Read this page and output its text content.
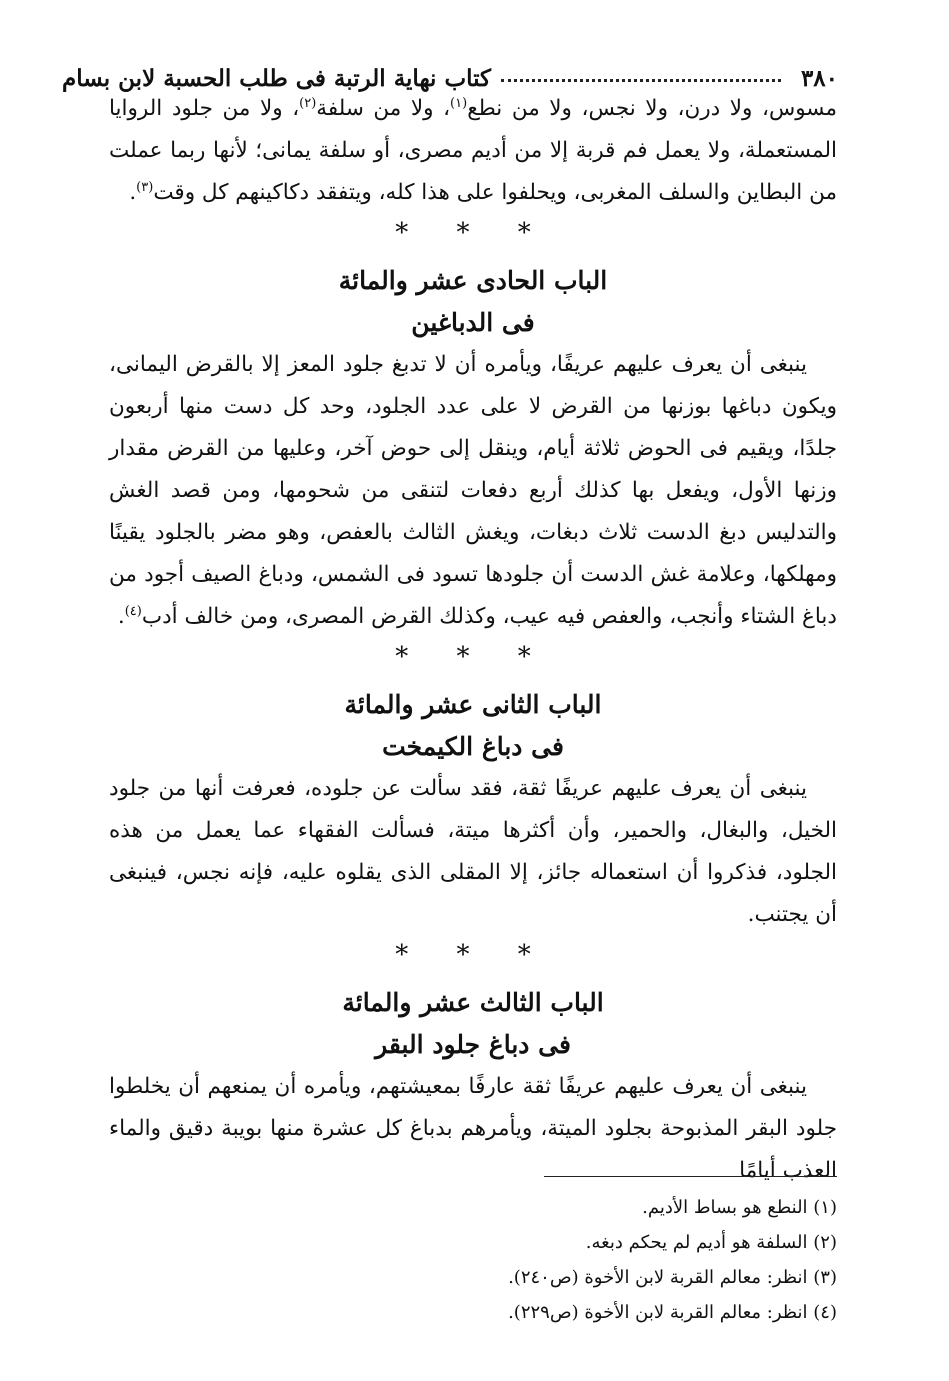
٣٨٠
كتاب نهاية الرتبة فى طلب الحسبة لابن بسام

مسوس، ولا درن، ولا نجس، ولا من نطع$^{(١)}$، ولا من سلفة$^{(٢)}$، ولا من جلود الروايا المستعملة، ولا يعمل فم قربة إلا من أديم مصرى، أو سلفة يمانى؛ لأنها ربما عملت من البطاين والسلف المغربى، ويحلفوا على هذا كله، ويتفقد دكاكينهم كل وقت$^{(٣)}$.

* * *
الباب الحادى عشر والمائة
فى الدباغين

ينبغى أن يعرف عليهم عريفًا، ويأمره أن لا تدبغ جلود المعز إلا بالقرض اليمانى، ويكون دباغها بوزنها من القرض لا على عدد الجلود، وحد كل دست منها أربعون جلدًا، ويقيم فى الحوض ثلاثة أيام، وينقل إلى حوض آخر، وعليها من القرض مقدار وزنها الأول، ويفعل بها كذلك أربع دفعات لتنقى من شحومها، ومن قصد الغش والتدليس دبغ الدست ثلاث دبغات، ويغش الثالث بالعفص، وهو مضر بالجلود يقينًا ومهلكها، وعلامة غش الدست أن جلودها تسود فى الشمس، ودباغ الصيف أجود من دباغ الشتاء وأنجب، والعفص فيه عيب، وكذلك القرض المصرى، ومن خالف أدب$^{(٤)}$.

* * *
الباب الثانى عشر والمائة
فى دباغ الكيمخت

ينبغى أن يعرف عليهم عريفًا ثقة، فقد سألت عن جلوده، فعرفت أنها من جلود الخيل، والبغال، والحمير، وأن أكثرها ميتة، فسألت الفقهاء عما يعمل من هذه الجلود، فذكروا أن استعماله جائز، إلا المقلى الذى يقلوه عليه، فإنه نجس، فينبغى أن يجتنب.

* * *
الباب الثالث عشر والمائة
فى دباغ جلود البقر

ينبغى أن يعرف عليهم عريفًا ثقة عارفًا بمعيشتهم، ويأمره أن يمنعهم أن يخلطوا جلود البقر المذبوحة بجلود الميتة، ويأمرهم بدباغ كل عشرة منها بويبة دقيق والماء العذب أيامًا

(١) النطع هو بساط الأديم.
(٢) السلفة هو أديم لم يحكم دبغه.
(٣) انظر: معالم القربة لابن الأخوة (ص٢٤٠).
(٤) انظر: معالم القربة لابن الأخوة (ص٢٢٩).
